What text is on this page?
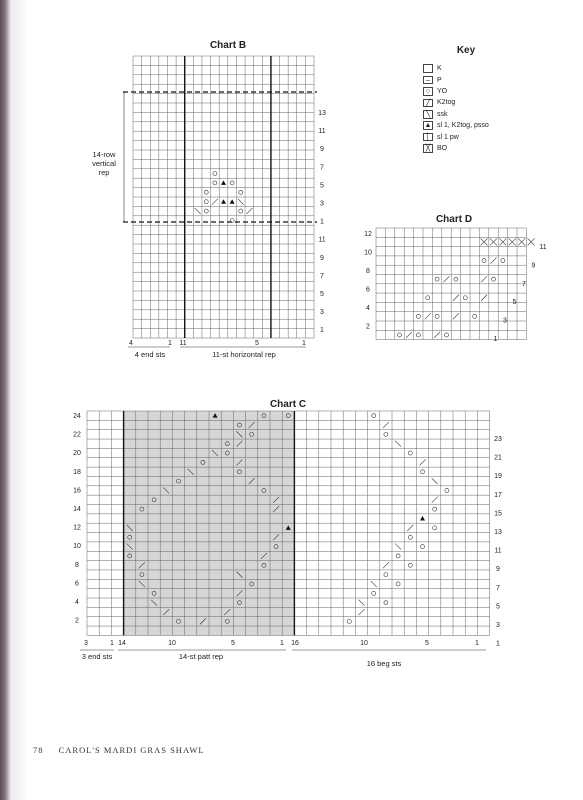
Chart B
Chart D
Chart C
Key
K
–	P
○ YO
╱ K2tog
╲ ssk
▲ sl 1, K2tog, psso
│ sl 1 pw
╳ BO
14-row
vertical
rep
13
11
9
7
5
3
1
11
9
7
5
3
1
4	1 11	5	1
4 end sts	11-st horizontal rep
12
10
8
6
4
2
11
9
7
5
3
1
24
22
20
18
16
14
12
10
8
6
4
2
23
21
19
17
15
13
11
9
7
5
3
1
3	1 14	10	5	1 16	10	5	1
3 end sts	14-st patt rep
16 beg sts
78 CAROL'S MARDI GRAS SHAWL
